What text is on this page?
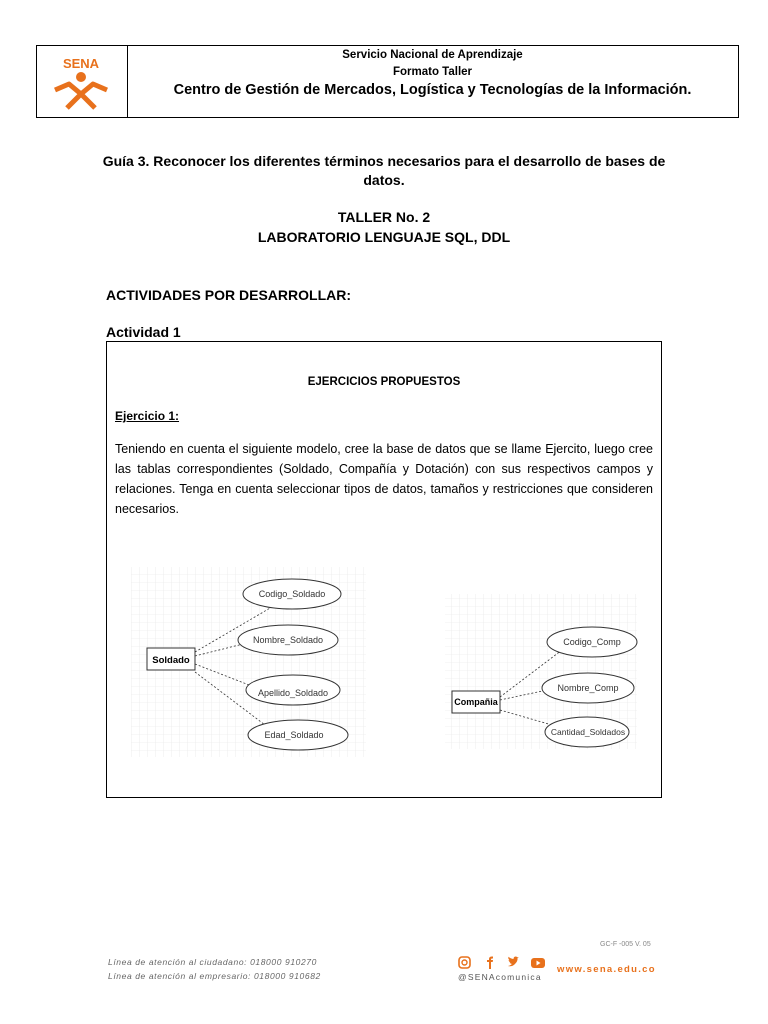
SENA
Servicio Nacional de Aprendizaje
Formato Taller
Centro de Gestión de Mercados, Logística y Tecnologías de la Información.
Guía 3. Reconocer los diferentes términos necesarios para el desarrollo de bases de
datos.
TALLER No. 2
LABORATORIO LENGUAJE SQL, DDL
ACTIVIDADES POR DESARROLLAR:
Actividad 1
EJERCICIOS PROPUESTOS
Ejercicio 1:
Teniendo en cuenta el siguiente modelo, cree la base de datos que se llame Ejercito, luego cree las tablas correspondientes (Soldado, Compañía y Dotación) con sus respectivos campos y relaciones. Tenga en cuenta seleccionar tipos de datos, tamaños y restricciones que consideren necesarios.
Soldado
Codigo_Soldado
Nombre_Soldado
Apellido_Soldado
Edad_Soldado
Compañia
Codigo_Comp
Nombre_Comp
Cantidad_Soldados
GC-F -005 V. 05
Línea de atención al ciudadano: 018000 910270
Línea de atención al empresario: 018000 910682	@SENAcomunica
www.sena.edu.co
